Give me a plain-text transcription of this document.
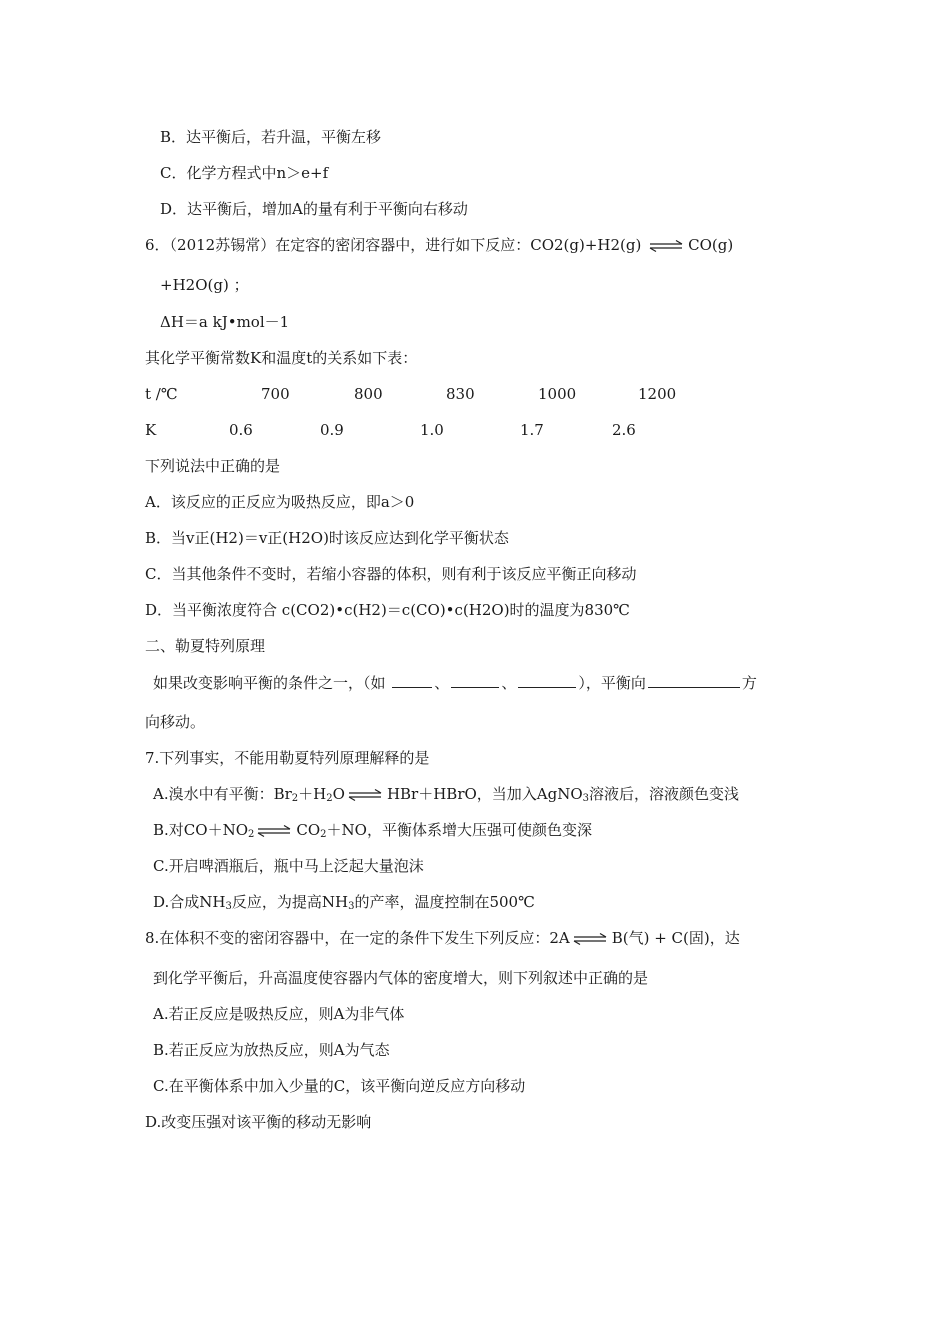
B．达平衡后，若升温，平衡左移
C．化学方程式中n＞e+f
D．达平衡后，增加A的量有利于平衡向右移动
6．（2012苏锡常）在定容的密闭容器中，进行如下反应：CO2(g)+H2(g)	CO(g)
+H2O(g) ；
ΔH＝a kJ•mol－1
其化学平衡常数K和温度t的关系如下表：
t /℃	700	800	830	1000	1200
K	0.6	0.9	1.0	1.7	2.6
下列说法中正确的是
A．该反应的正反应为吸热反应，即a＞0
B．当v正(H2)＝v正(H2O)时该反应达到化学平衡状态
C．当其他条件不变时，若缩小容器的体积，则有利于该反应平衡正向移动
D．当平衡浓度符合 c(CO2)•c(H2)＝c(CO)•c(H2O)时的温度为830℃
二、勒夏特列原理
如果改变影响平衡的条件之一，（如	、	、	），平衡向	方
向移动。
7.下列事实，不能用勒夏特列原理解释的是
A.溴水中有平衡：$Br_2+H_2O$	HBr＋HBrO，当加入AgNO$_3$溶液后，溶液颜色变浅
B.对$CO+NO_2$	$CO_2+NO$，平衡体系增大压强可使颜色变深
C.开启啤酒瓶后，瓶中马上泛起大量泡沫
D.合成$NH_3$反应，为提高$NH_3$的产率，温度控制在500℃
8.在体积不变的密闭容器中，在一定的条件下发生下列反应：2A	B(气) + C(固)，达
到化学平衡后，升高温度使容器内气体的密度增大，则下列叙述中正确的是
A.若正反应是吸热反应，则A为非气体
B.若正反应为放热反应，则A为气态
C.在平衡体系中加入少量的C，该平衡向逆反应方向移动
D.改变压强对该平衡的移动无影响
